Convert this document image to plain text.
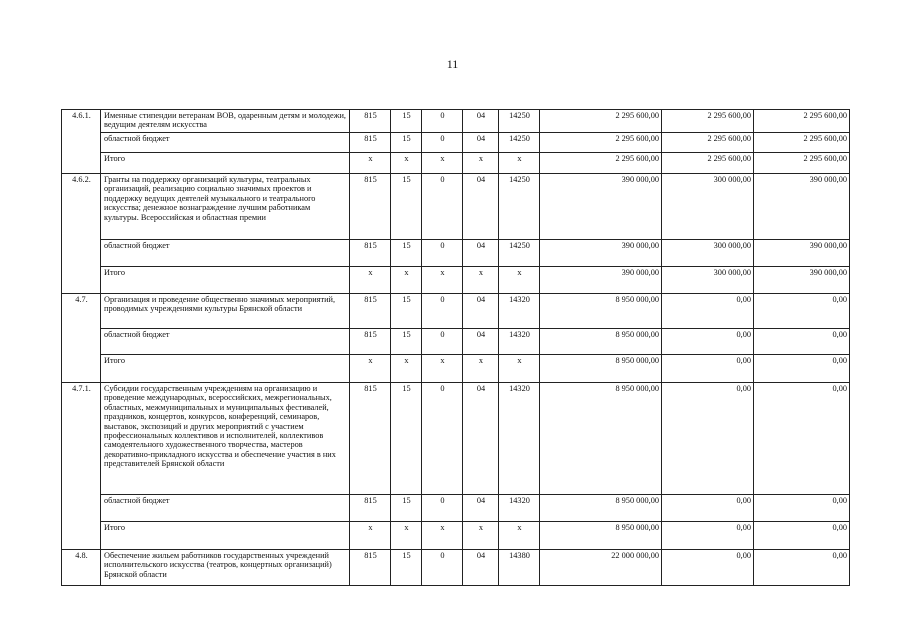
11
4.6.1.	Именные стипендии ветеранам ВОВ, одаренным детям и молодежи, ведущим деятелям искусства	815	15	0	04	14250	2 295 600,00	2 295 600,00	2 295 600,00
	областной бюджет	815	15	0	04	14250	2 295 600,00	2 295 600,00	2 295 600,00
	Итого	x	x	x	x	x	2 295 600,00	2 295 600,00	2 295 600,00
4.6.2.	Гранты на поддержку организаций культуры, театральных организаций, реализацию социально значимых проектов и поддержку ведущих деятелей музыкального и театрального искусства; денежное вознаграждение лучшим работникам культуры. Всероссийская и областная премии	815	15	0	04	14250	390 000,00	300 000,00	390 000,00
	областной бюджет	815	15	0	04	14250	390 000,00	300 000,00	390 000,00
	Итого	x	x	x	x	x	390 000,00	300 000,00	390 000,00
4.7.	Организация и проведение общественно значимых мероприятий, проводимых учреждениями культуры Брянской области	815	15	0	04	14320	8 950 000,00	0,00	0,00
	областной бюджет	815	15	0	04	14320	8 950 000,00	0,00	0,00
	Итого	x	x	x	x	x	8 950 000,00	0,00	0,00
4.7.1.	Субсидии государственным учреждениям на организацию и проведение международных, всероссийских, межрегиональных, областных, межмуниципальных и муниципальных фестивалей, праздников, концертов, конкурсов, конференций, семинаров, выставок, экспозиций и других мероприятий с участием профессиональных коллективов и исполнителей, коллективов самодеятельного художественного творчества, мастеров декоративно-прикладного искусства и обеспечение участия в них представителей Брянской области	815	15	0	04	14320	8 950 000,00	0,00	0,00
	областной бюджет	815	15	0	04	14320	8 950 000,00	0,00	0,00
	Итого	x	x	x	x	x	8 950 000,00	0,00	0,00
4.8.	Обеспечение жильем работников государственных учреждений исполнительского искусства (театров, концертных организаций) Брянской области	815	15	0	04	14380	22 000 000,00	0,00	0,00
